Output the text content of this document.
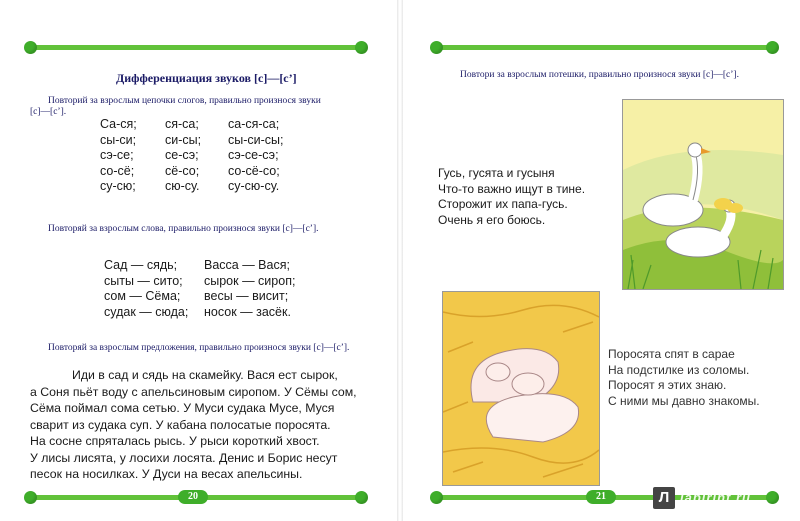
Дифференциация звуков [с]—[с’]
Повторий за взрослым цепочки слогов, правильно произнося звуки
[с]—[с’].
Са-ся;
сы-си;
сэ-се;
со-сё;
су-сю;
ся-са;
си-сы;
се-сэ;
сё-со;
сю-су.
са-ся-са;
сы-си-сы;
сэ-се-сэ;
со-сё-со;
су-сю-су.
Повторяй за взрослым слова, правильно произнося звуки [с]—[с’].
Сад — сядь;
сыты — сито;
сом — Сёма;
судак — сюда;
Васса — Вася;
сырок — сироп;
весы — висит;
носок — засёк.
Повторяй за взрослым предложения, правильно произнося звуки [с]—[с’].
Иди в сад и сядь на скамейку. Вася ест сырок,
а Соня пьёт воду с апельсиновым сиропом. У Сёмы сом,
Сёма поймал сома сетью. У Муси судака Мусе, Муся
сварит из судака суп. У кабана полосатые поросята.
На сосне спряталась рысь. У рыси короткий хвост.
У лисы лисята, у лосихи лосята. Денис и Борис несут
песок на носилках. У Дуси на весах апельсины.
20
Повтори за взрослым потешки, правильно произнося звуки [с]—[с’].
Гусь, гусята и гусыня
Что-то важно ищут в тине.
Сторожит их папа-гусь.
Очень я его боюсь.
Поросята спят в сарае
На подстилке из соломы.
Поросят я этих знаю.
С ними мы давно знакомы.
21	Л labirint.ru
